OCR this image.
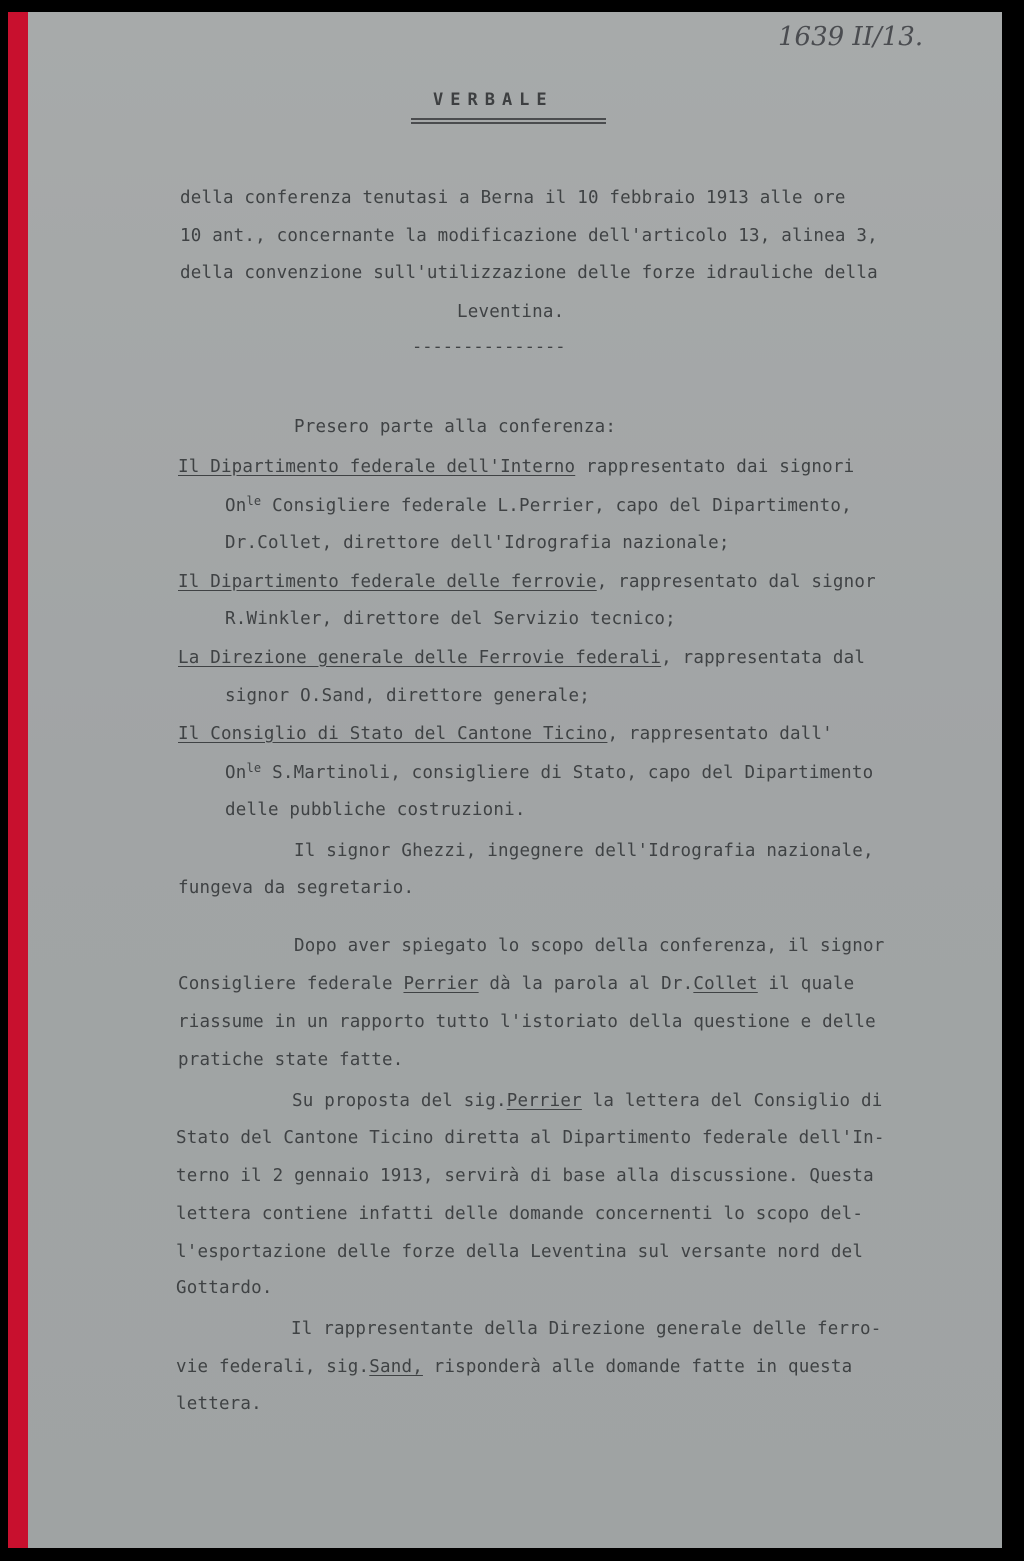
1639 II/13.
VERBALE
della conferenza tenutasi a Berna il 10 febbraio 1913 alle ore
10 ant., concernante la modificazione dell'articolo 13, alinea 3,
della convenzione sull'utilizzazione delle forze idrauliche della
Leventina.
---------------
Presero parte alla conferenza:
Il Dipartimento federale dell'Interno rappresentato dai signori
$On^{le}$ Consigliere federale L.Perrier, capo del Dipartimento,
Dr.Collet, direttore dell'Idrografia nazionale;
Il Dipartimento federale delle ferrovie, rappresentato dal signor
R.Winkler, direttore del Servizio tecnico;
La Direzione generale delle Ferrovie federali, rappresentata dal
signor O.Sand, direttore generale;
Il Consiglio di Stato del Cantone Ticino, rappresentato dall'
$On^{le}$ S.Martinoli, consigliere di Stato, capo del Dipartimento
delle pubbliche costruzioni.
Il signor Ghezzi, ingegnere dell'Idrografia nazionale,
fungeva da segretario.
Dopo aver spiegato lo scopo della conferenza, il signor
Consigliere federale Perrier dà la parola al Dr.Collet il quale
riassume in un rapporto tutto l'istoriato della questione e delle
pratiche state fatte.
Su proposta del sig.Perrier la lettera del Consiglio di
Stato del Cantone Ticino diretta al Dipartimento federale dell'In-
terno il 2 gennaio 1913, servirà di base alla discussione. Questa
lettera contiene infatti delle domande concernenti lo scopo del-
l'esportazione delle forze della Leventina sul versante nord del
Gottardo.
Il rappresentante della Direzione generale delle ferro-
vie federali, sig.Sand, risponderà alle domande fatte in questa
lettera.
